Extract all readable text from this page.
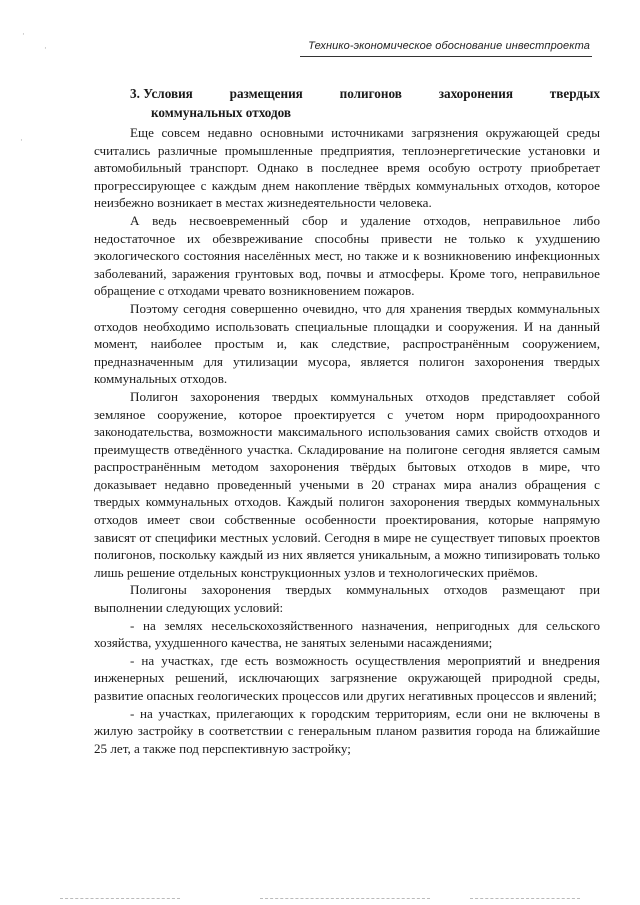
Технико-экономическое обоснование инвестпроекта
3. Условия	размещения	полигонов	захоронения	твердых
коммунальных отходов

Еще совсем недавно основными источниками загрязнения окружающей среды считались различные промышленные предприятия, теплоэнергетические установки и автомобильный транспорт. Однако в последнее время особую остроту приобретает прогрессирующее с каждым днем накопление твёрдых коммунальных отходов, которое неизбежно возникает в местах жизнедеятельности человека.

А ведь несвоевременный сбор и удаление отходов, неправильное либо недостаточное их обезвреживание способны привести не только к ухудшению экологического состояния населённых мест, но также и к возникновению инфекционных заболеваний, заражения грунтовых вод, почвы и атмосферы. Кроме того, неправильное обращение с отходами чревато возникновением пожаров.

Поэтому сегодня совершенно очевидно, что для хранения твердых коммунальных отходов необходимо использовать специальные площадки и сооружения. И на данный момент, наиболее простым и, как следствие, распространённым сооружением, предназначенным для утилизации мусора, является полигон захоронения твердых коммунальных отходов.

Полигон захоронения твердых коммунальных отходов представляет собой земляное сооружение, которое проектируется с учетом норм природоохранного законодательства, возможности максимального использования самих свойств отходов и преимуществ отведённого участка. Складирование на полигоне сегодня является самым распространённым методом захоронения твёрдых бытовых отходов в мире, что доказывает недавно проведенный учеными в 20 странах мира анализ обращения с твердых коммунальных отходов. Каждый полигон захоронения твердых коммунальных отходов имеет свои собственные особенности проектирования, которые напрямую зависят от специфики местных условий. Сегодня в мире не существует типовых проектов полигонов, поскольку каждый из них является уникальным, а можно типизировать только лишь решение отдельных конструкционных узлов и технологических приёмов.

Полигоны захоронения твердых коммунальных отходов размещают при выполнении следующих условий:

- на землях несельскохозяйственного назначения, непригодных для сельского хозяйства, ухудшенного качества, не занятых зелеными насаждениями;

- на участках, где есть возможность осуществления мероприятий и внедрения инженерных решений, исключающих загрязнение окружающей природной среды, развитие опасных геологических процессов или других негативных процессов и явлений;

- на участках, прилегающих к городским территориям, если они не включены в жилую застройку в соответствии с генеральным планом развития города на ближайшие 25 лет, а также под перспективную застройку;

·
·
·
